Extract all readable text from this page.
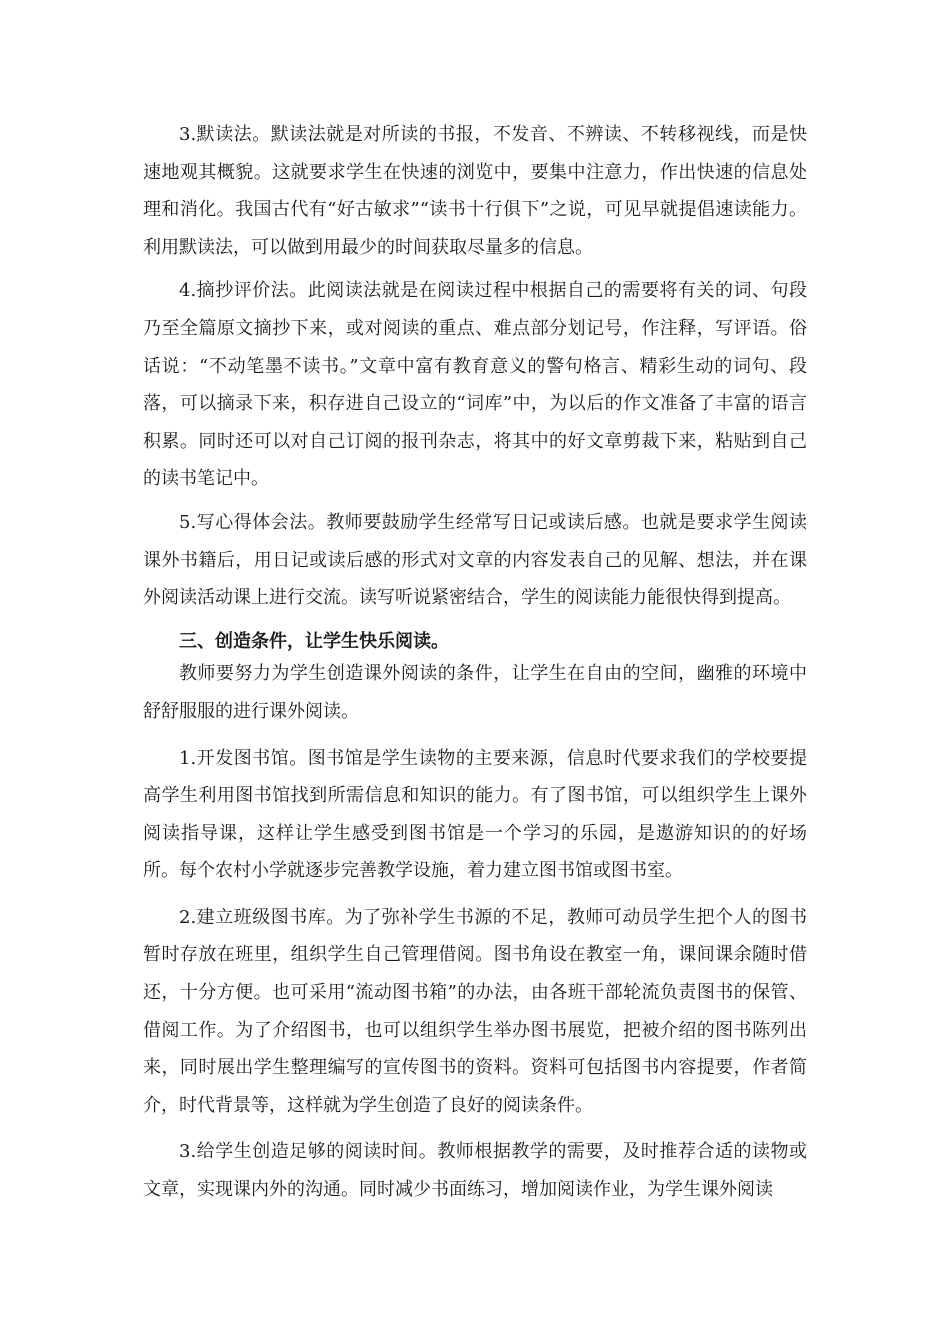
3.默读法。默读法就是对所读的书报，不发音、不辨读、不转移视线，而是快速地观其概貌。这就要求学生在快速的浏览中，要集中注意力，作出快速的信息处理和消化。我国古代有“好古敏求”“读书十行俱下”之说，可见早就提倡速读能力。利用默读法，可以做到用最少的时间获取尽量多的信息。

4.摘抄评价法。此阅读法就是在阅读过程中根据自己的需要将有关的词、句段乃至全篇原文摘抄下来，或对阅读的重点、难点部分划记号，作注释，写评语。俗话说：“不动笔墨不读书。”文章中富有教育意义的警句格言、精彩生动的词句、段落，可以摘录下来，积存进自己设立的“词库”中，为以后的作文准备了丰富的语言积累。同时还可以对自己订阅的报刊杂志，将其中的好文章剪裁下来，粘贴到自己的读书笔记中。

5.写心得体会法。教师要鼓励学生经常写日记或读后感。也就是要求学生阅读课外书籍后，用日记或读后感的形式对文章的内容发表自己的见解、想法，并在课外阅读活动课上进行交流。读写听说紧密结合，学生的阅读能力能很快得到提高。

三、创造条件，让学生快乐阅读。

教师要努力为学生创造课外阅读的条件，让学生在自由的空间，幽雅的环境中舒舒服服的进行课外阅读。

1.开发图书馆。图书馆是学生读物的主要来源，信息时代要求我们的学校要提高学生利用图书馆找到所需信息和知识的能力。有了图书馆，可以组织学生上课外阅读指导课，这样让学生感受到图书馆是一个学习的乐园，是遨游知识的的好场所。每个农村小学就逐步完善教学设施，着力建立图书馆或图书室。

2.建立班级图书库。为了弥补学生书源的不足，教师可动员学生把个人的图书暂时存放在班里，组织学生自己管理借阅。图书角设在教室一角，课间课余随时借还，十分方便。也可采用“流动图书箱”的办法，由各班干部轮流负责图书的保管、借阅工作。为了介绍图书，也可以组织学生举办图书展览，把被介绍的图书陈列出来，同时展出学生整理编写的宣传图书的资料。资料可包括图书内容提要，作者简介，时代背景等，这样就为学生创造了良好的阅读条件。

3.给学生创造足够的阅读时间。教师根据教学的需要，及时推荐合适的读物或文章，实现课内外的沟通。同时减少书面练习，增加阅读作业，为学生课外阅读
